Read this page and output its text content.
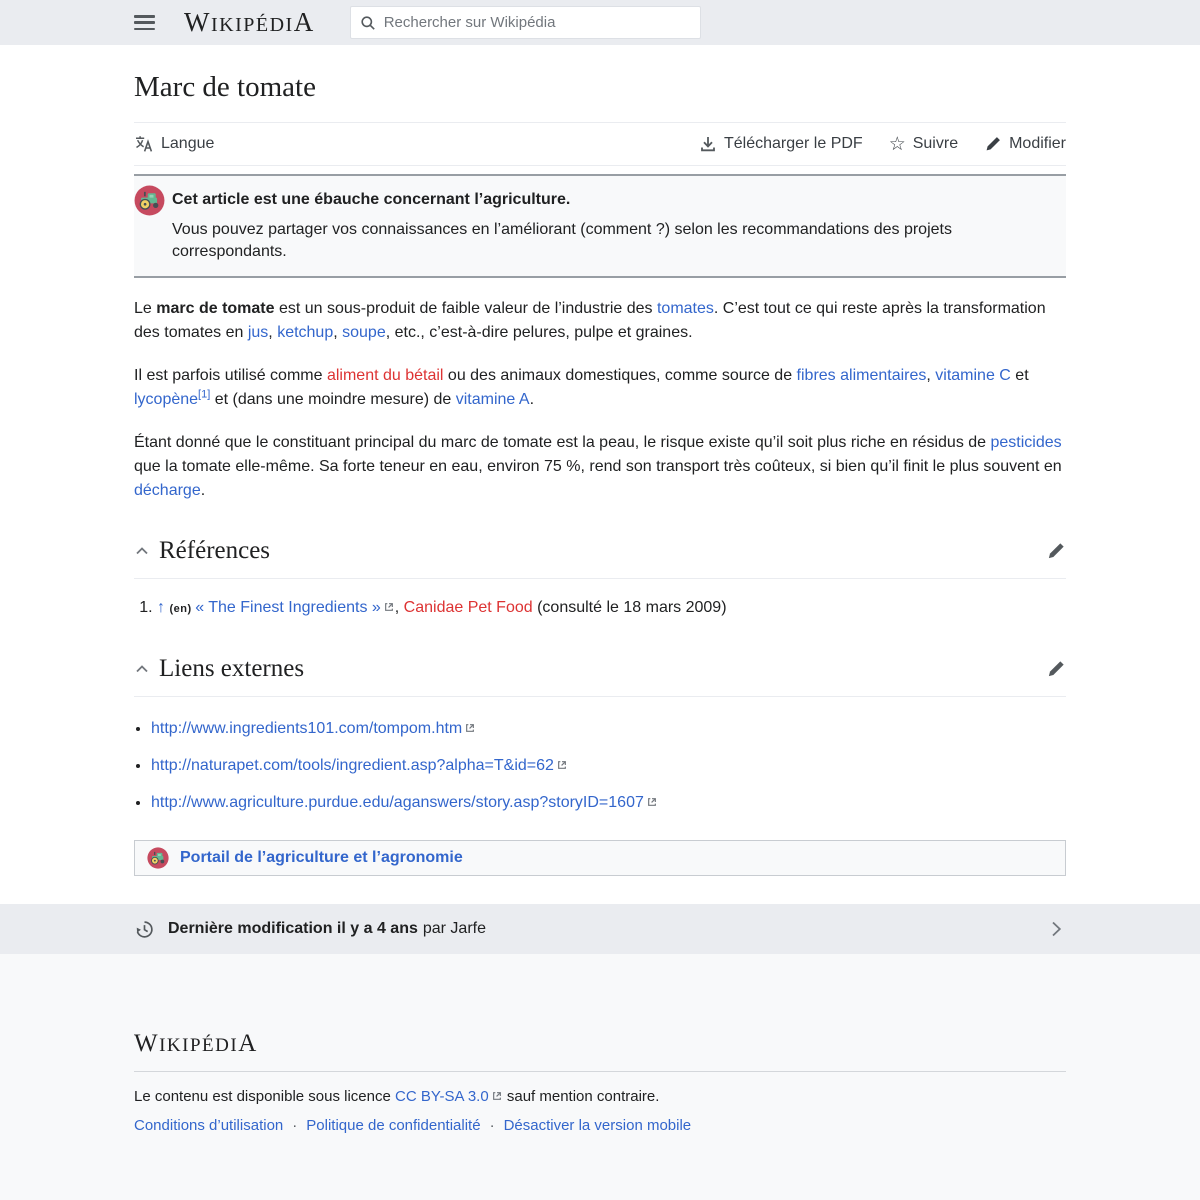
WIKIPÉDIA
Rechercher sur Wikipédia
Marc de tomate
Langue	Télécharger le PDF ☆ Suivre	Modifier
Cet article est une ébauche concernant l’agriculture.
Vous pouvez partager vos connaissances en l’améliorant (comment ?) selon les recommandations des projets correspondants.

Le marc de tomate est un sous-produit de faible valeur de l’industrie des tomates. C’est tout ce qui reste après la transformation des tomates en jus, ketchup, soupe, etc., c’est-à-dire pelures, pulpe et graines.

Il est parfois utilisé comme aliment du bétail ou des animaux domestiques, comme source de fibres alimentaires, vitamine C et lycopène[1] et (dans une moindre mesure) de vitamine A.

Étant donné que le constituant principal du marc de tomate est la peau, le risque existe qu’il soit plus riche en résidus de pesticides que la tomate elle-même. Sa forte teneur en eau, environ 75 %, rend son transport très coûteux, si bien qu’il finit le plus souvent en décharge.

Références
1. ↑ (en) « The Finest Ingredients » , Canidae Pet Food (consulté le 18 mars 2009)
Liens externes
• http://www.ingredients101.com/tompom.htm
• http://naturapet.com/tools/ingredient.asp?alpha=T&id=62
• http://www.agriculture.purdue.edu/aganswers/story.asp?storyID=1607
Portail de l’agriculture et l’agronomie
Dernière modification il y a 4 ans par Jarfe
WIKIPÉDIA

Le contenu est disponible sous licence CC BY-SA 3.0 sauf mention contraire.

Conditions d’utilisation · Politique de confidentialité · Désactiver la version mobile
